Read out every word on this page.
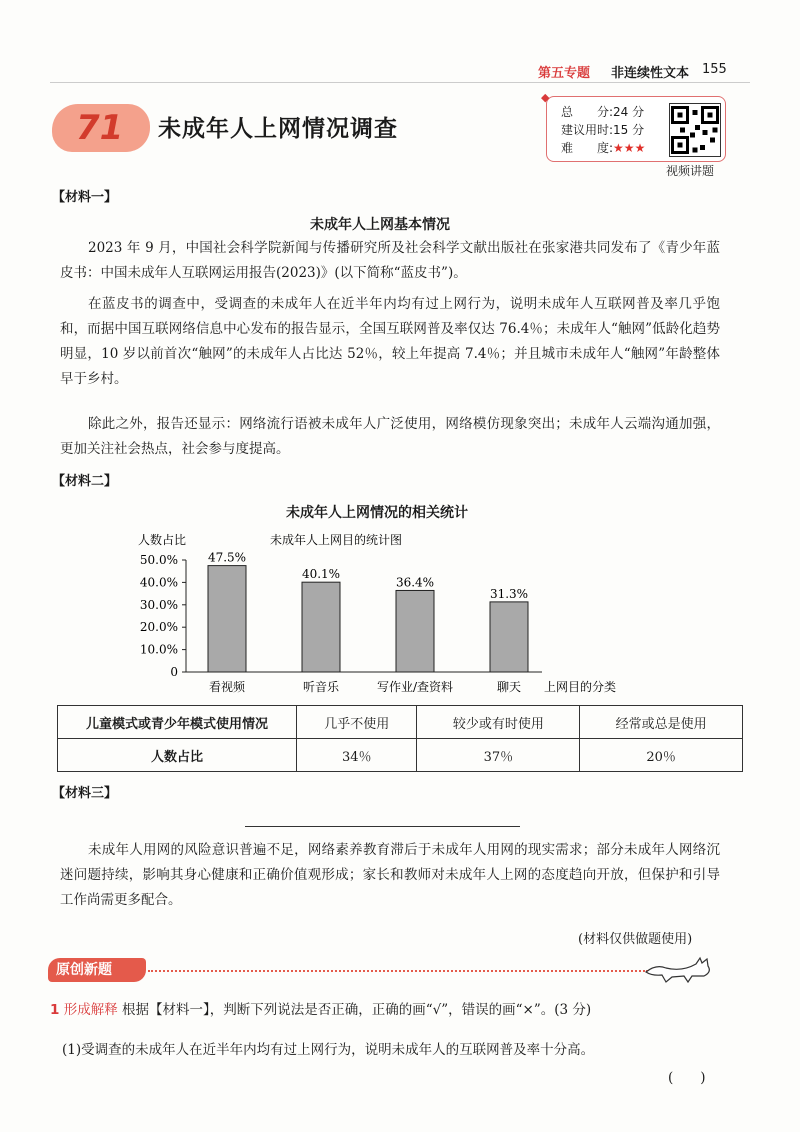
第五专题 非连续性文本 155
71 未成年人上网情况调查
◆
总　　分:24 分
建议用时:15 分
难　　度:★★★
视频讲题
【材料一】
未成年人上网基本情况
2023 年 9 月，中国社会科学院新闻与传播研究所及社会科学文献出版社在张家港共同发布了《青少年蓝皮书：中国未成年人互联网运用报告(2023)》(以下简称“蓝皮书”)。
在蓝皮书的调查中，受调查的未成年人在近半年内均有过上网行为，说明未成年人互联网普及率几乎饱和，而据中国互联网络信息中心发布的报告显示，全国互联网普及率仅达 76.4％；未成年人“触网”低龄化趋势明显，10 岁以前首次“触网”的未成年人占比达 52％，较上年提高 7.4％；并且城市未成年人“触网”年龄整体早于乡村。
除此之外，报告还显示：网络流行语被未成年人广泛使用，网络模仿现象突出；未成年人云端沟通加强，更加关注社会热点，社会参与度提高。
【材料二】
未成年人上网情况的相关统计
人数占比	未成年人上网目的统计图
0
10.0%
20.0%
30.0%
40.0%
50.0% 47.5%
看视频
40.1%
听音乐
36.4%
写作业/查资料
31.3%
聊天 上网目的分类
儿童模式或青少年模式使用情况	几乎不使用	较少或有时使用	经常或总是使用
人数占比	34％	37％	20％
【材料三】
未成年人用网的风险意识普遍不足，网络素养教育滞后于未成年人用网的现实需求；部分未成年人网络沉迷问题持续，影响其身心健康和正确价值观形成；家长和教师对未成年人上网的态度趋向开放，但保护和引导工作尚需更多配合。
(材料仅供做题使用)
原创新题
1 形成解释 根据【材料一】，判断下列说法是否正确，正确的画“√”，错误的画“×”。(3 分)
(1)受调查的未成年人在近半年内均有过上网行为，说明未成年人的互联网普及率十分高。
(　　)
